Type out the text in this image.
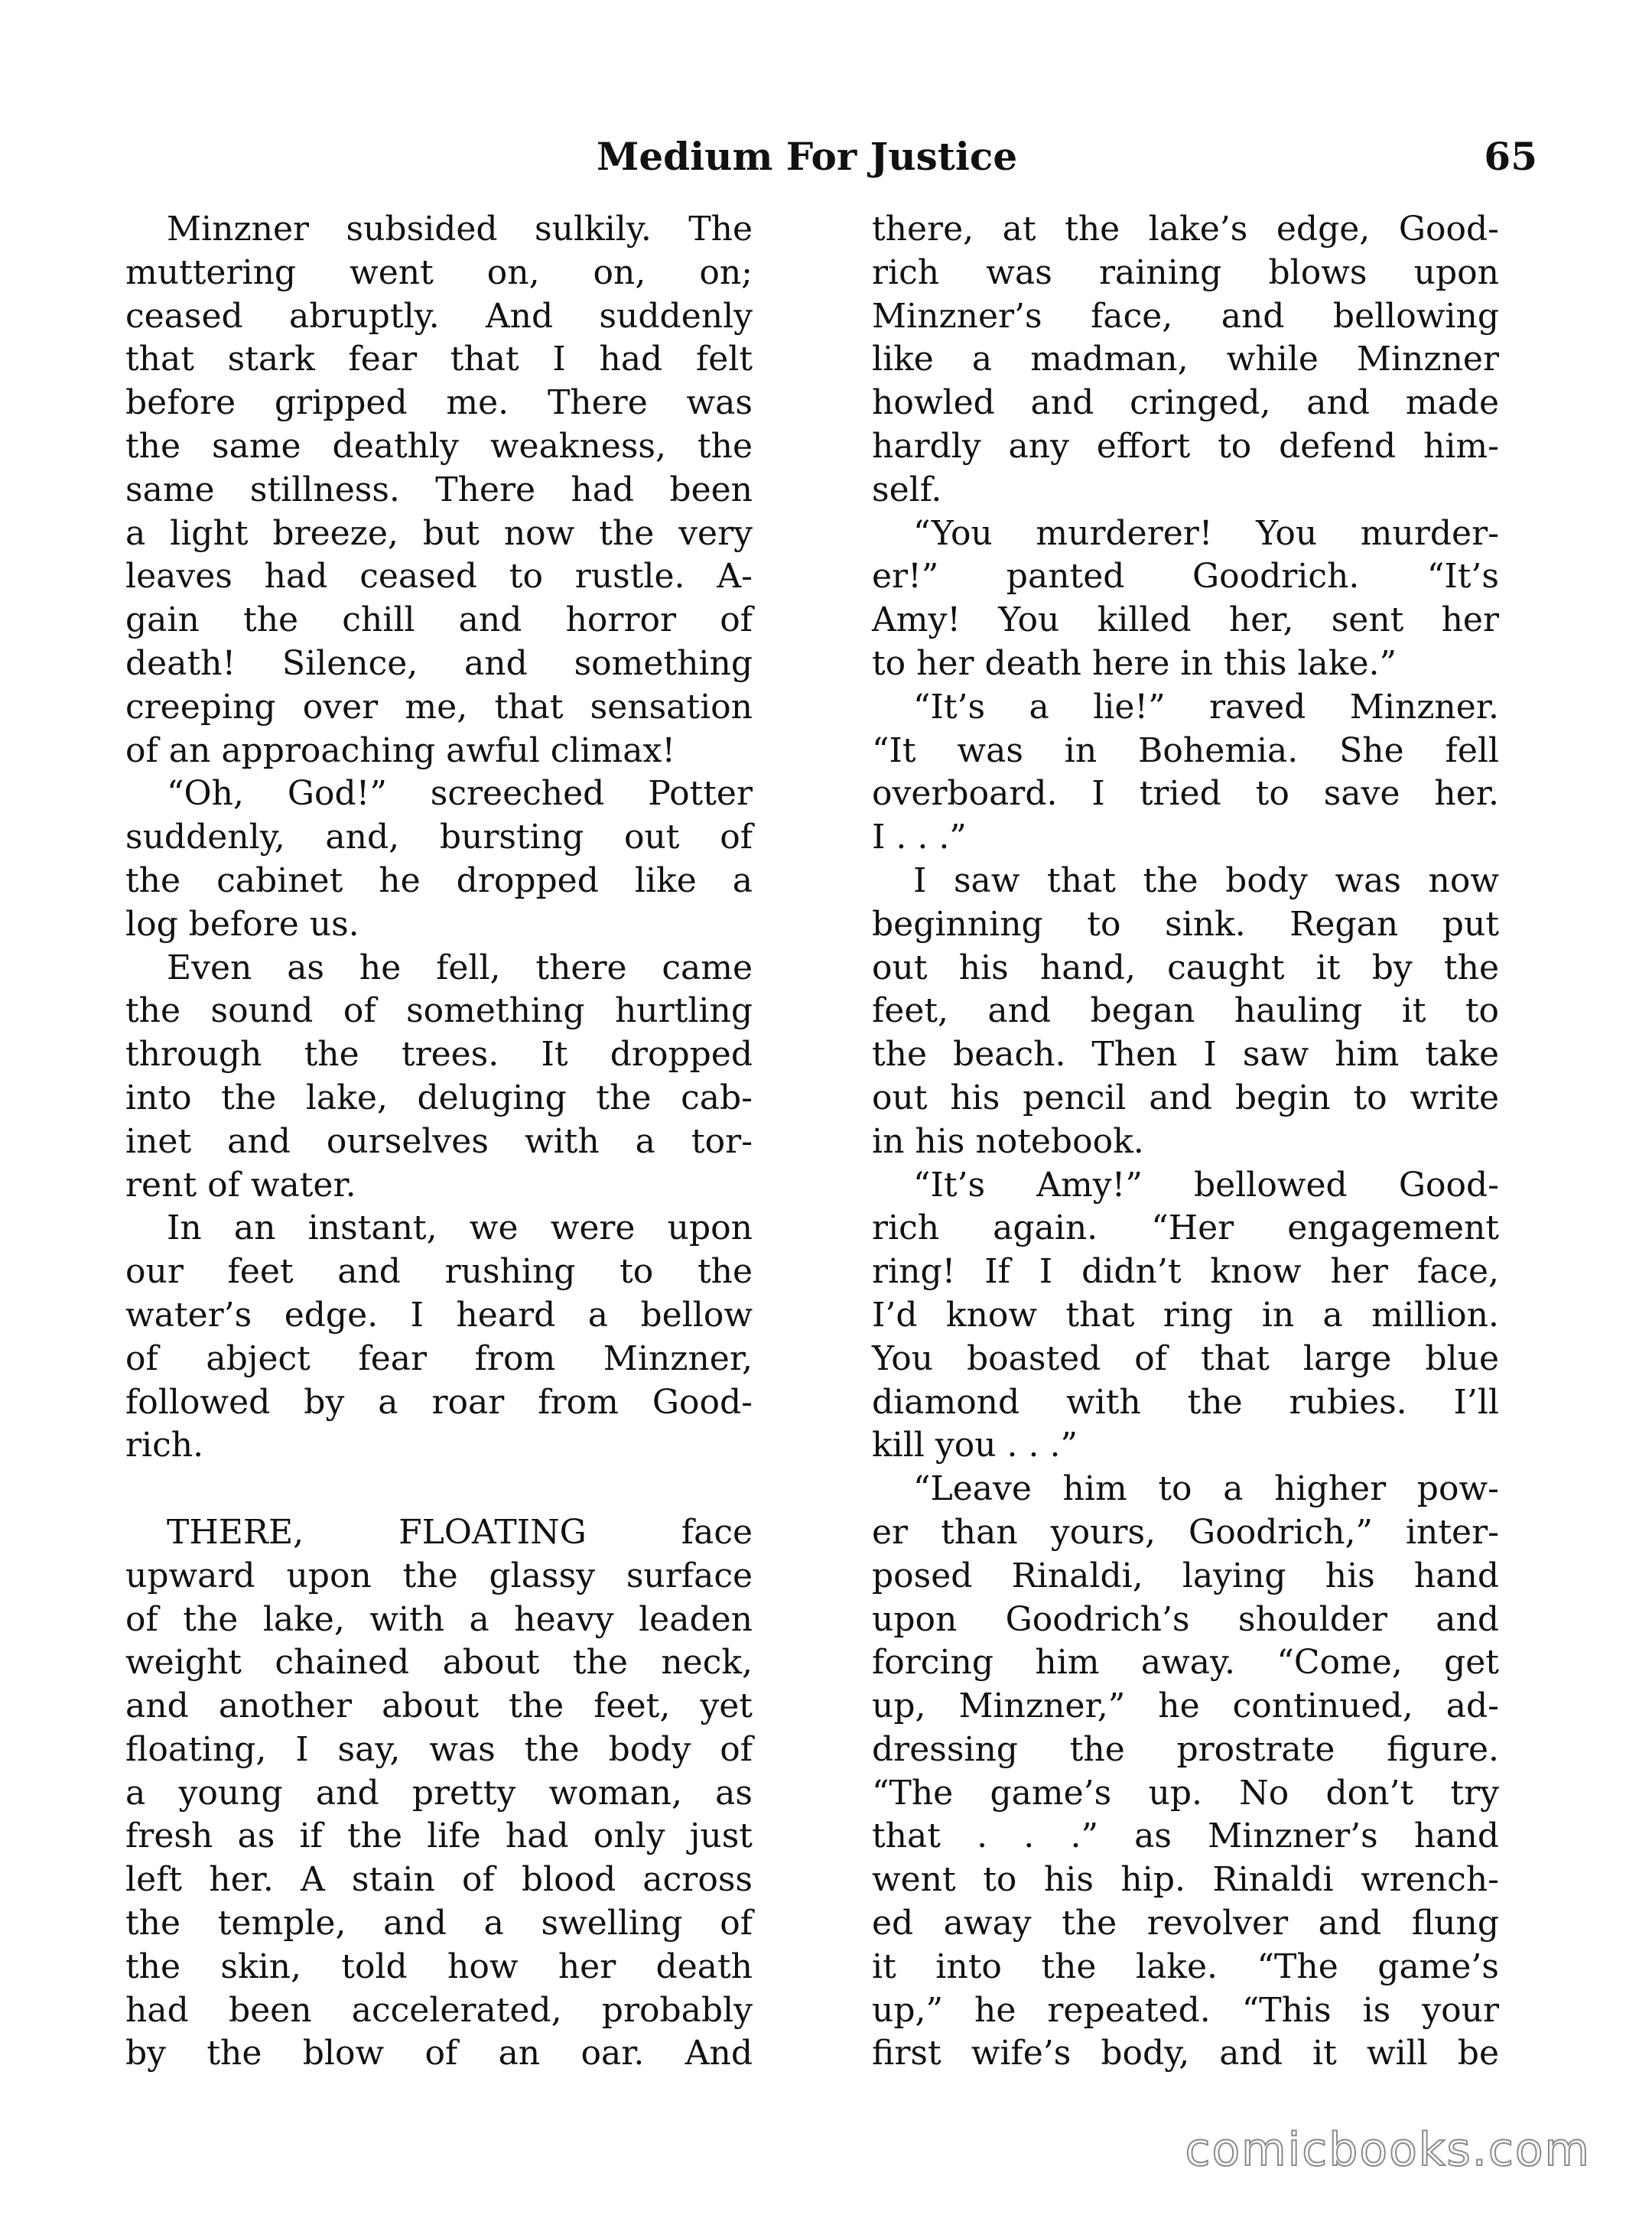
Medium For Justice	65
Minzner subsided sulkily. The
muttering went on, on, on;
ceased abruptly. And suddenly
that stark fear that I had felt
before gripped me. There was
the same deathly weakness, the
same stillness. There had been
a light breeze, but now the very
leaves had ceased to rustle. A-
gain the chill and horror of
death! Silence, and something
creeping over me, that sensation
of an approaching awful climax!
“Oh, God!” screeched Potter
suddenly, and, bursting out of
the cabinet he dropped like a
log before us.
Even as he fell, there came
the sound of something hurtling
through the trees. It dropped
into the lake, deluging the cab-
inet and ourselves with a tor-
rent of water.
In an instant, we were upon
our feet and rushing to the
water’s edge. I heard a bellow
of abject fear from Minzner,
followed by a roar from Good-
rich.
THERE, FLOATING face
upward upon the glassy surface
of the lake, with a heavy leaden
weight chained about the neck,
and another about the feet, yet
floating, I say, was the body of
a young and pretty woman, as
fresh as if the life had only just
left her. A stain of blood across
the temple, and a swelling of
the skin, told how her death
had been accelerated, probably
by the blow of an oar. And
there, at the lake’s edge, Good-
rich was raining blows upon
Minzner’s face, and bellowing
like a madman, while Minzner
howled and cringed, and made
hardly any effort to defend him-
self.
“You murderer! You murder-
er!” panted Goodrich. “It’s
Amy! You killed her, sent her
to her death here in this lake.”
“It’s a lie!” raved Minzner.
“It was in Bohemia. She fell
overboard. I tried to save her.
I . . .”
I saw that the body was now
beginning to sink. Regan put
out his hand, caught it by the
feet, and began hauling it to
the beach. Then I saw him take
out his pencil and begin to write
in his notebook.
“It’s Amy!” bellowed Good-
rich again. “Her engagement
ring! If I didn’t know her face,
I’d know that ring in a million.
You boasted of that large blue
diamond with the rubies. I’ll
kill you . . .”
“Leave him to a higher pow-
er than yours, Goodrich,” inter-
posed Rinaldi, laying his hand
upon Goodrich’s shoulder and
forcing him away. “Come, get
up, Minzner,” he continued, ad-
dressing the prostrate figure.
“The game’s up. No don’t try
that . . .” as Minzner’s hand
went to his hip. Rinaldi wrench-
ed away the revolver and flung
it into the lake. “The game’s
up,” he repeated. “This is your
first wife’s body, and it will be
comicbooks.com
